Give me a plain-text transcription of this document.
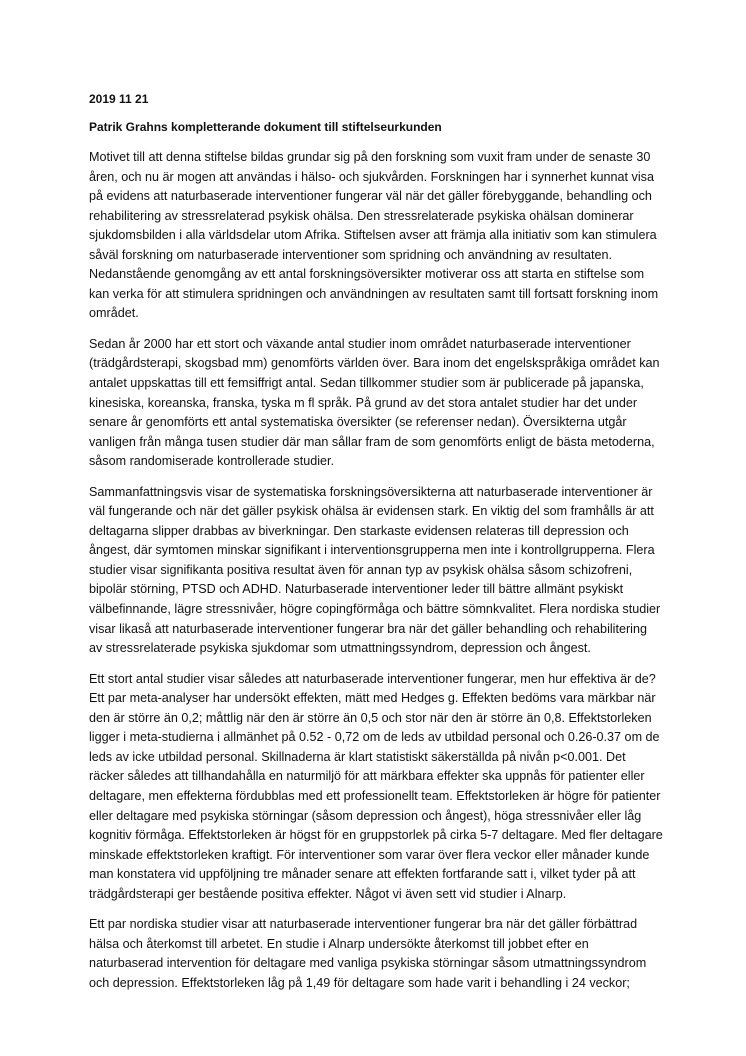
2019 11 21
Patrik Grahns kompletterande dokument till stiftelseurkunden

Motivet till att denna stiftelse bildas grundar sig på den forskning som vuxit fram under de senaste 30 åren, och nu är mogen att användas i hälso- och sjukvården. Forskningen har i synnerhet kunnat visa på evidens att naturbaserade interventioner fungerar väl när det gäller förebyggande, behandling och rehabilitering av stressrelaterad psykisk ohälsa. Den stressrelaterade psykiska ohälsan dominerar sjukdomsbilden i alla världsdelar utom Afrika. Stiftelsen avser att främja alla initiativ som kan stimulera såväl forskning om naturbaserade interventioner som spridning och användning av resultaten. Nedanstående genomgång av ett antal forskningsöversikter motiverar oss att starta en stiftelse som kan verka för att stimulera spridningen och användningen av resultaten samt till fortsatt forskning inom området.

Sedan år 2000 har ett stort och växande antal studier inom området naturbaserade interventioner (trädgårdsterapi, skogsbad mm) genomförts världen över. Bara inom det engelskspråkiga området kan antalet uppskattas till ett femsiffrigt antal. Sedan tillkommer studier som är publicerade på japanska, kinesiska, koreanska, franska, tyska m fl språk. På grund av det stora antalet studier har det under senare år genomförts ett antal systematiska översikter (se referenser nedan). Översikterna utgår vanligen från många tusen studier där man sållar fram de som genomförts enligt de bästa metoderna, såsom randomiserade kontrollerade studier.

Sammanfattningsvis visar de systematiska forskningsöversikterna att naturbaserade interventioner är väl fungerande och när det gäller psykisk ohälsa är evidensen stark. En viktig del som framhålls är att deltagarna slipper drabbas av biverkningar. Den starkaste evidensen relateras till depression och ångest, där symtomen minskar signifikant i interventionsgrupperna men inte i kontrollgrupperna. Flera studier visar signifikanta positiva resultat även för annan typ av psykisk ohälsa såsom schizofreni, bipolär störning, PTSD och ADHD. Naturbaserade interventioner leder till bättre allmänt psykiskt välbefinnande, lägre stressnivåer, högre copingförmåga och bättre sömnkvalitet. Flera nordiska studier visar likaså att naturbaserade interventioner fungerar bra när det gäller behandling och rehabilitering av stressrelaterade psykiska sjukdomar som utmattningssyndrom, depression och ångest.

Ett stort antal studier visar således att naturbaserade interventioner fungerar, men hur effektiva är de? Ett par meta-analyser har undersökt effekten, mätt med Hedges g. Effekten bedöms vara märkbar när den är större än 0,2; måttlig när den är större än 0,5 och stor när den är större än 0,8. Effektstorleken ligger i meta-studierna i allmänhet på 0.52 - 0,72 om de leds av utbildad personal och 0.26-0.37 om de leds av icke utbildad personal. Skillnaderna är klart statistiskt säkerställda på nivån p<0.001. Det räcker således att tillhandahålla en naturmiljö för att märkbara effekter ska uppnås för patienter eller deltagare, men effekterna fördubblas med ett professionellt team. Effektstorleken är högre för patienter eller deltagare med psykiska störningar (såsom depression och ångest), höga stressnivåer eller låg kognitiv förmåga. Effektstorleken är högst för en gruppstorlek på cirka 5-7 deltagare. Med fler deltagare minskade effektstorleken kraftigt. För interventioner som varar över flera veckor eller månader kunde man konstatera vid uppföljning tre månader senare att effekten fortfarande satt i, vilket tyder på att trädgårdsterapi ger bestående positiva effekter. Något vi även sett vid studier i Alnarp.

Ett par nordiska studier visar att naturbaserade interventioner fungerar bra när det gäller förbättrad hälsa och återkomst till arbetet. En studie i Alnarp undersökte återkomst till jobbet efter en naturbaserad intervention för deltagare med vanliga psykiska störningar såsom utmattningssyndrom och depression. Effektstorleken låg på 1,49 för deltagare som hade varit i behandling i 24 veckor;
